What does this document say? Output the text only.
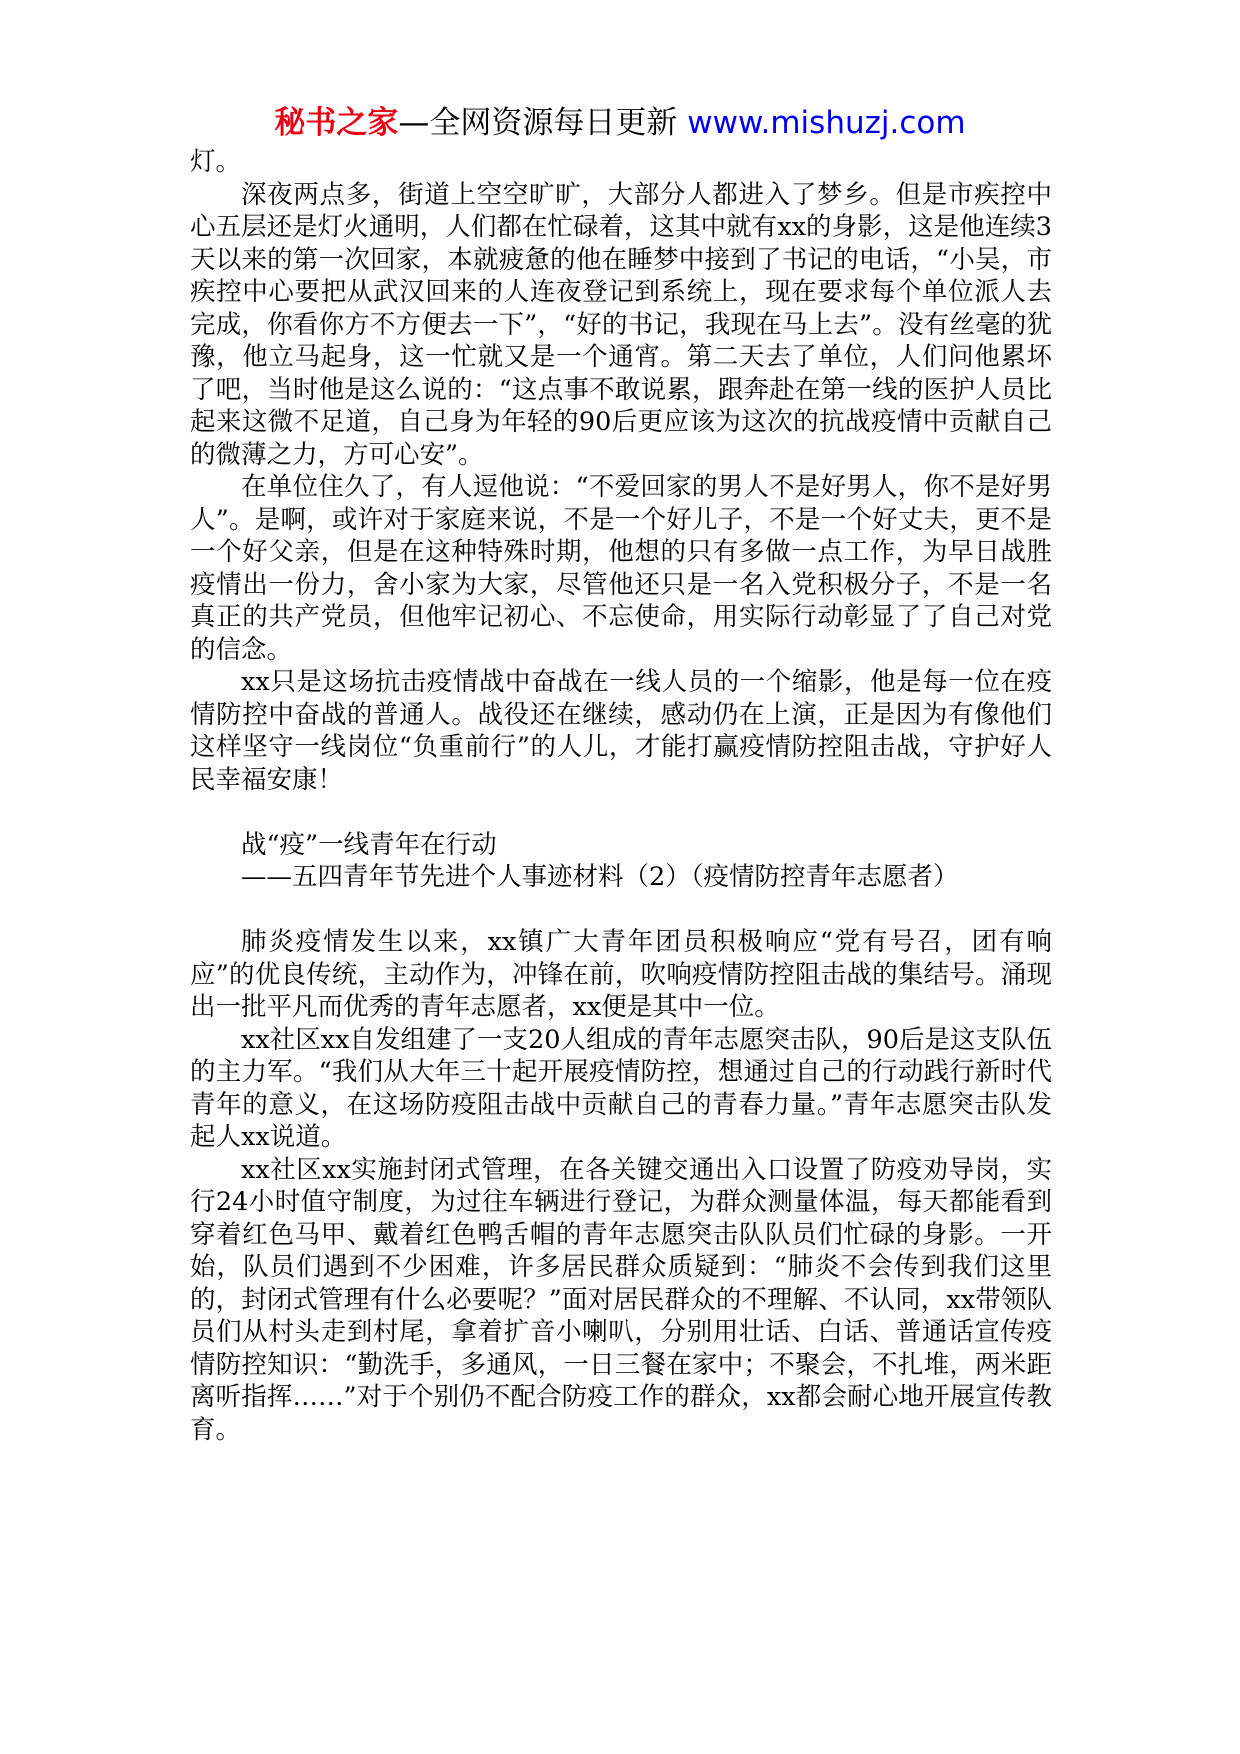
秘书之家—全网资源每日更新 www.mishuzj.com

灯。

深夜两点多，街道上空空旷旷，大部分人都进入了梦乡。但是市疾控中心五层还是灯火通明，人们都在忙碌着，这其中就有xx的身影，这是他连续3天以来的第一次回家，本就疲惫的他在睡梦中接到了书记的电话，“小吴，市疾控中心要把从武汉回来的人连夜登记到系统上，现在要求每个单位派人去完成，你看你方不方便去一下”，“好的书记，我现在马上去”。没有丝毫的犹豫，他立马起身，这一忙就又是一个通宵。第二天去了单位，人们问他累坏了吧，当时他是这么说的：“这点事不敢说累，跟奔赴在第一线的医护人员比起来这微不足道，自己身为年轻的90后更应该为这次的抗战疫情中贡献自己的微薄之力，方可心安”。

在单位住久了，有人逗他说：“不爱回家的男人不是好男人，你不是好男人”。是啊，或许对于家庭来说，不是一个好儿子，不是一个好丈夫，更不是一个好父亲，但是在这种特殊时期，他想的只有多做一点工作，为早日战胜疫情出一份力，舍小家为大家，尽管他还只是一名入党积极分子，不是一名真正的共产党员，但他牢记初心、不忘使命，用实际行动彰显了了自己对党的信念。

xx只是这场抗击疫情战中奋战在一线人员的一个缩影，他是每一位在疫情防控中奋战的普通人。战役还在继续，感动仍在上演，正是因为有像他们这样坚守一线岗位“负重前行”的人儿，才能打赢疫情防控阻击战，守护好人民幸福安康！

战“疫”一线青年在行动

——五四青年节先进个人事迹材料（2）（疫情防控青年志愿者）

肺炎疫情发生以来，xx镇广大青年团员积极响应“党有号召，团有响应”的优良传统，主动作为，冲锋在前，吹响疫情防控阻击战的集结号。涌现出一批平凡而优秀的青年志愿者，xx便是其中一位。

xx社区xx自发组建了一支20人组成的青年志愿突击队，90后是这支队伍的主力军。“我们从大年三十起开展疫情防控，想通过自己的行动践行新时代青年的意义，在这场防疫阻击战中贡献自己的青春力量。”青年志愿突击队发起人xx说道。

xx社区xx实施封闭式管理，在各关键交通出入口设置了防疫劝导岗，实行24小时值守制度，为过往车辆进行登记，为群众测量体温，每天都能看到穿着红色马甲、戴着红色鸭舌帽的青年志愿突击队队员们忙碌的身影。一开始，队员们遇到不少困难，许多居民群众质疑到：“肺炎不会传到我们这里的，封闭式管理有什么必要呢？”面对居民群众的不理解、不认同，xx带领队员们从村头走到村尾，拿着扩音小喇叭，分别用壮话、白话、普通话宣传疫情防控知识：“勤洗手，多通风，一日三餐在家中；不聚会，不扎堆，两米距离听指挥……”对于个别仍不配合防疫工作的群众，xx都会耐心地开展宣传教育。
